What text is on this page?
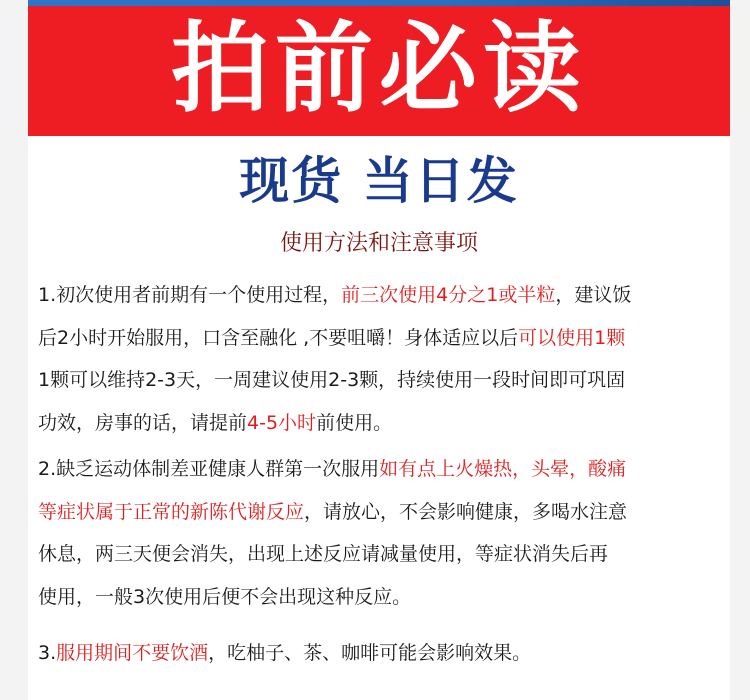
拍前必读
现货 当日发
使用方法和注意事项
1.初次使用者前期有一个使用过程，前三次使用4分之1或半粒，建议饭
后2小时开始服用，口含至融化 ,不要咀嚼！身体适应以后可以使用1颗
1颗可以维持2-3天，一周建议使用2-3颗，持续使用一段时间即可巩固
功效，房事的话，请提前4-5小时前使用。
2.缺乏运动体制差亚健康人群第一次服用如有点上火燥热，头晕，酸痛
等症状属于正常的新陈代谢反应，请放心，不会影响健康，多喝水注意
休息，两三天便会消失，出现上述反应请减量使用，等症状消失后再
使用，一般3次使用后便不会出现这种反应。
3.服用期间不要饮酒，吃柚子、茶、咖啡可能会影响效果。
